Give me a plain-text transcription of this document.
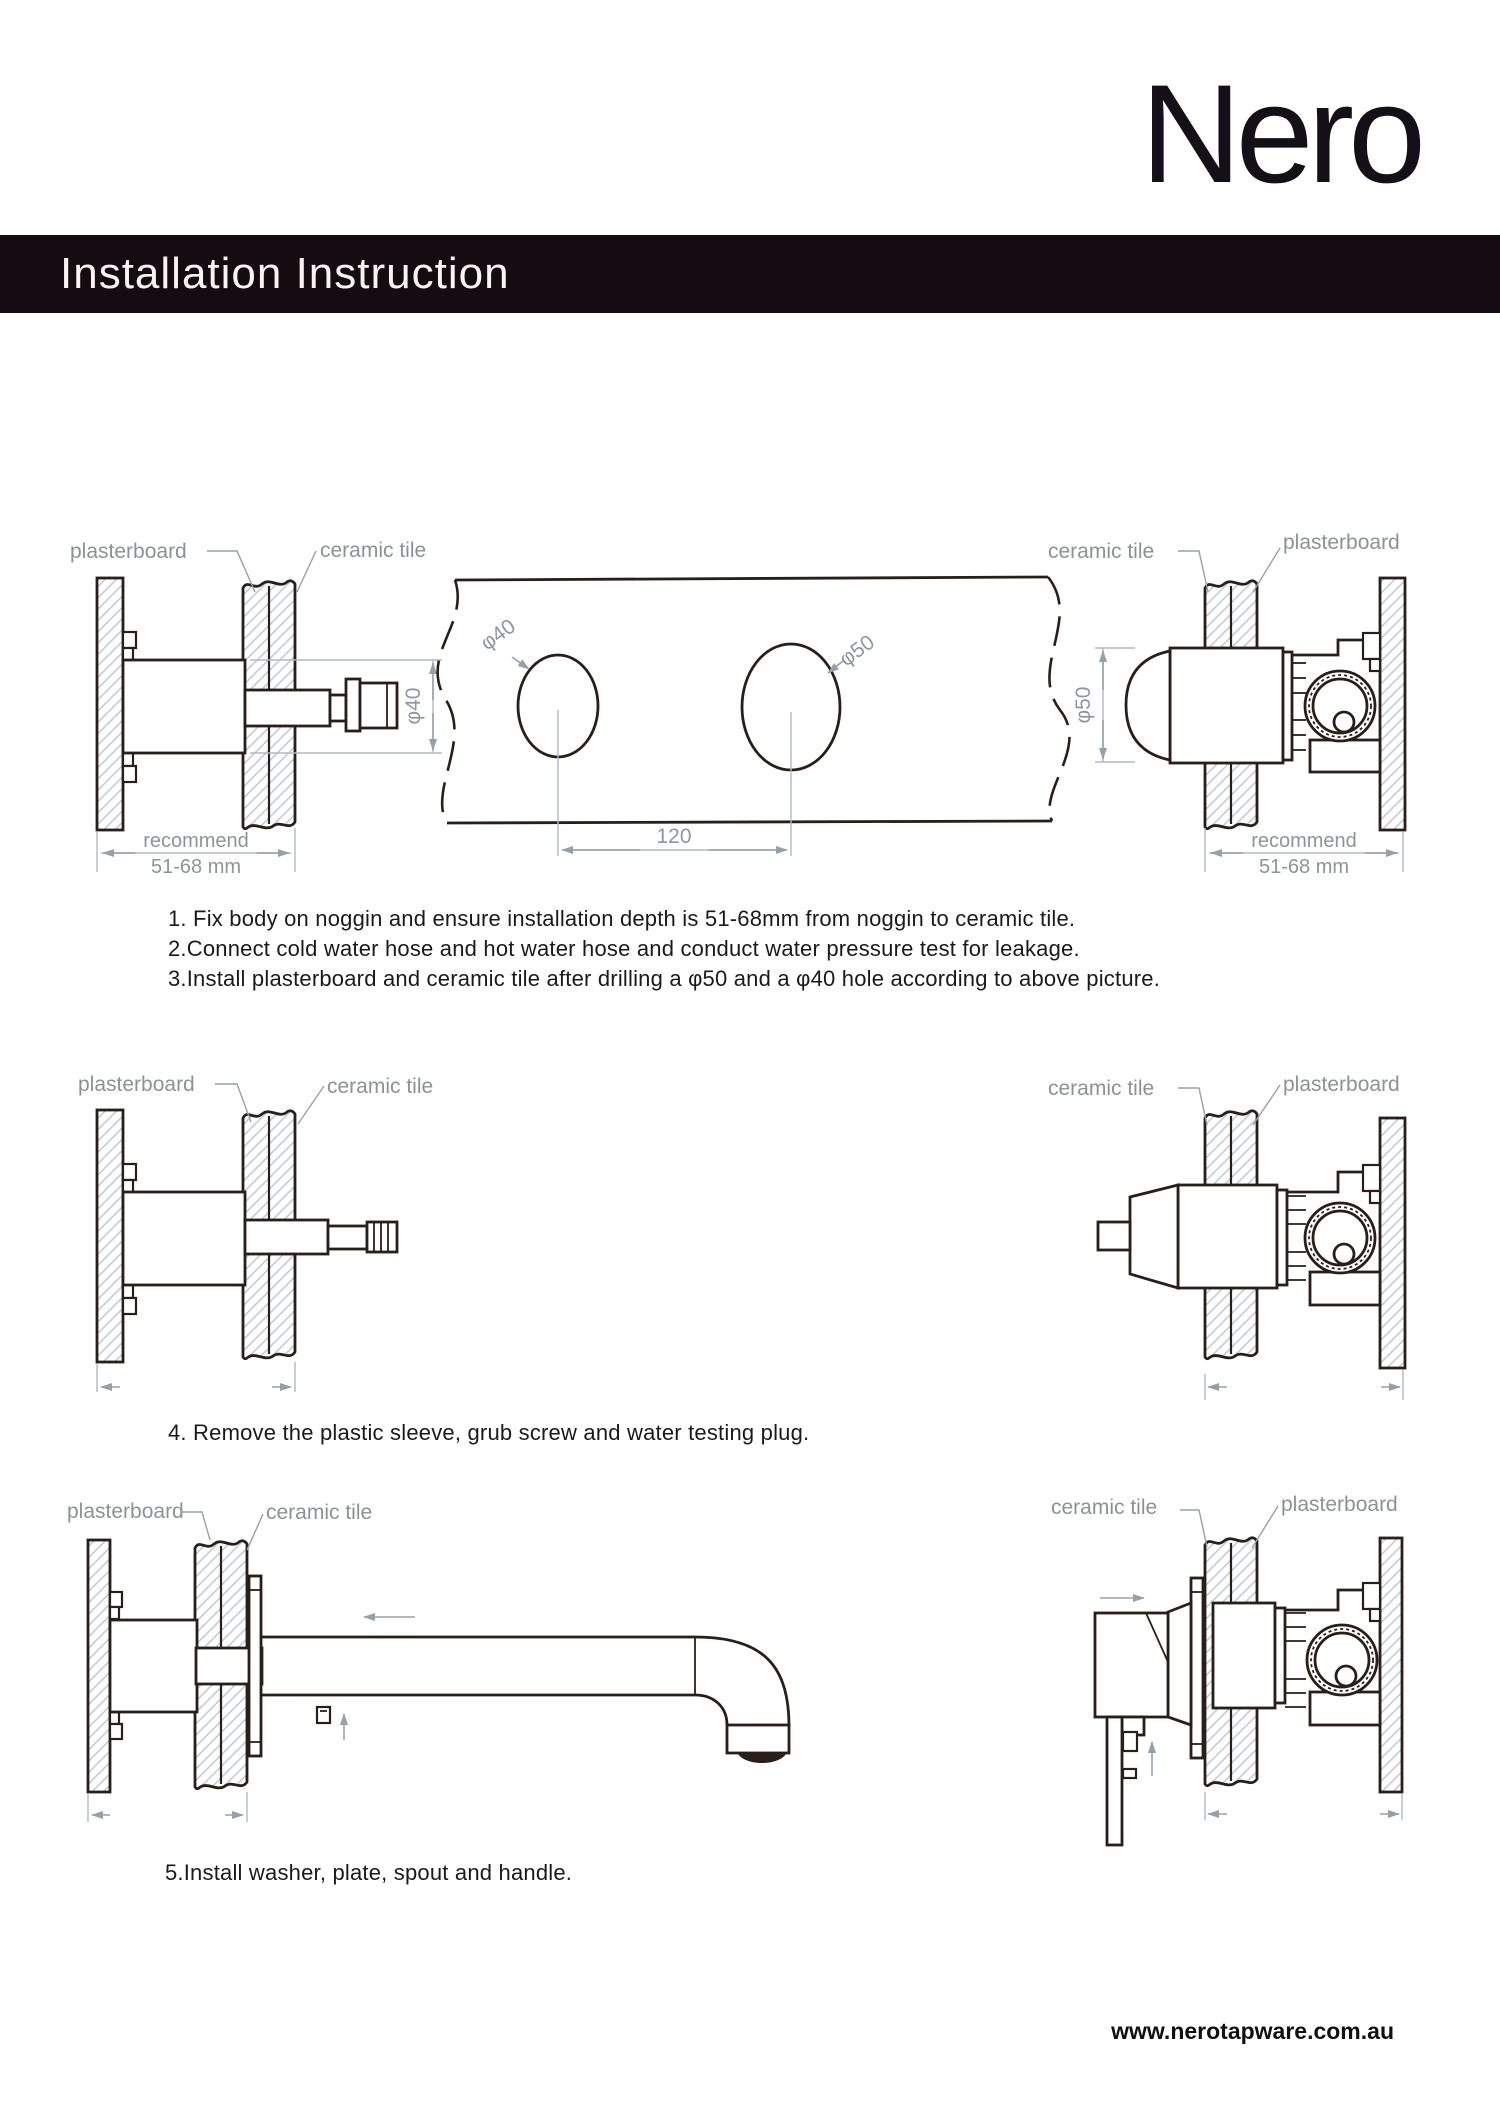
φ40
120
φ40	φ50
φ50
Nero
Installation Instruction
plasterboard	ceramic tile	ceramic tile	plasterboard
recommend
51-68 mm
recommend
51-68 mm
1. Fix body on noggin and ensure installation depth is 51-68mm from noggin to ceramic tile.
2.Connect cold water hose and hot water hose and conduct water pressure test for leakage.
3.Install plasterboard and ceramic tile after drilling a φ50 and a φ40 hole according to above picture.
plasterboard	ceramic tile	ceramic tile	plasterboard
4. Remove the plastic sleeve, grub screw and water testing plug.
plasterboard	ceramic tile	ceramic tile	plasterboard
5.Install washer, plate, spout and handle.
www.nerotapware.com.au
